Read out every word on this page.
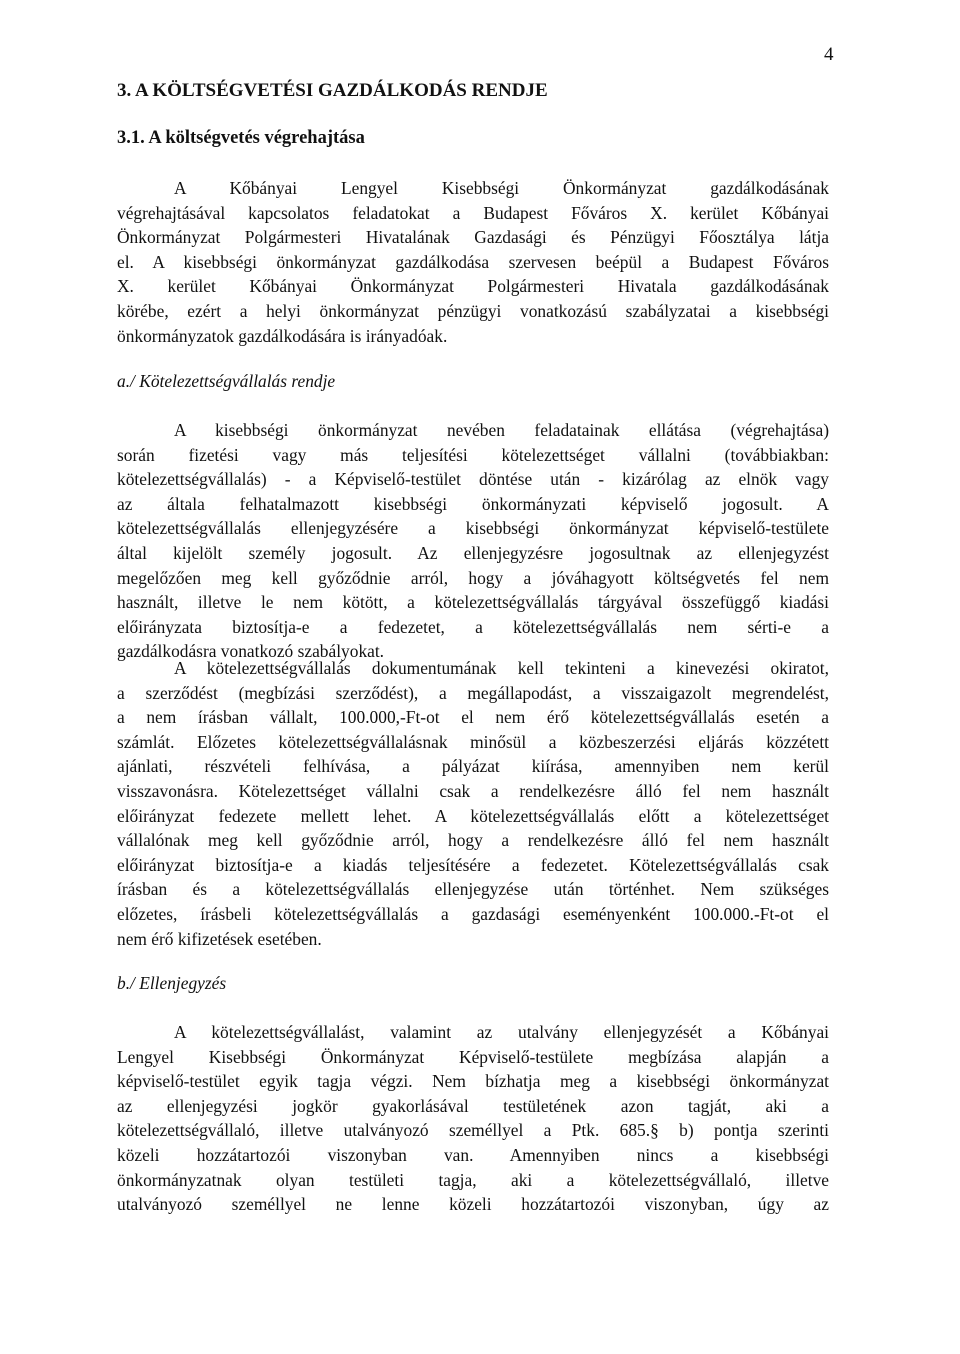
4
3. A KÖLTSÉGVETÉSI GAZDÁLKODÁS RENDJE
3.1. A költségvetés végrehajtása

A Kőbányai Lengyel Kisebbségi Önkormányzat gazdálkodásának
végrehajtásával kapcsolatos feladatokat a Budapest Főváros X. kerület Kőbányai
Önkormányzat Polgármesteri Hivatalának Gazdasági és Pénzügyi Főosztálya látja
el. A kisebbségi önkormányzat gazdálkodása szervesen beépül a Budapest Főváros
X. kerület Kőbányai Önkormányzat Polgármesteri Hivatala gazdálkodásának
körébe, ezért a helyi önkormányzat pénzügyi vonatkozású szabályzatai a kisebbségi
önkormányzatok gazdálkodására is irányadóak.

a./ Kötelezettségvállalás rendje

A kisebbségi önkormányzat nevében feladatainak ellátása (végrehajtása)
során fizetési vagy más teljesítési kötelezettséget vállalni (továbbiakban:
kötelezettségvállalás) - a Képviselő-testület döntése után - kizárólag az elnök vagy
az általa felhatalmazott kisebbségi önkormányzati képviselő jogosult. A
kötelezettségvállalás ellenjegyzésére a kisebbségi önkormányzat képviselő-testülete
által kijelölt személy jogosult. Az ellenjegyzésre jogosultnak az ellenjegyzést
megelőzően meg kell győződnie arról, hogy a jóváhagyott költségvetés fel nem
használt, illetve le nem kötött, a kötelezettségvállalás tárgyával összefüggő kiadási
előirányzata biztosítja-e a fedezetet, a kötelezettségvállalás nem sérti-e a
gazdálkodásra vonatkozó szabályokat.

A kötelezettségvállalás dokumentumának kell tekinteni a kinevezési okiratot,
a szerződést (megbízási szerződést), a megállapodást, a visszaigazolt megrendelést,
a nem írásban vállalt, 100.000,-Ft-ot el nem érő kötelezettségvállalás esetén a
számlát. Előzetes kötelezettségvállalásnak minősül a közbeszerzési eljárás közzétett
ajánlati, részvételi felhívása, a pályázat kiírása, amennyiben nem kerül
visszavonásra. Kötelezettséget vállalni csak a rendelkezésre álló fel nem használt
előirányzat fedezete mellett lehet. A kötelezettségvállalás előtt a kötelezettséget
vállalónak meg kell győződnie arról, hogy a rendelkezésre álló fel nem használt
előirányzat biztosítja-e a kiadás teljesítésére a fedezetet. Kötelezettségvállalás csak
írásban és a kötelezettségvállalás ellenjegyzése után történhet. Nem szükséges
előzetes, írásbeli kötelezettségvállalás a gazdasági eseményenként 100.000.-Ft-ot el
nem érő kifizetések esetében.

b./ Ellenjegyzés

A kötelezettségvállalást, valamint az utalvány ellenjegyzését a Kőbányai
Lengyel Kisebbségi Önkormányzat Képviselő-testülete megbízása alapján a
képviselő-testület egyik tagja végzi. Nem bízhatja meg a kisebbségi önkormányzat
az ellenjegyzési jogkör gyakorlásával testületének azon tagját, aki a
kötelezettségvállaló, illetve utalványozó személlyel a Ptk. 685.§ b) pontja szerinti
közeli hozzátartozói viszonyban van. Amennyiben nincs a kisebbségi
önkormányzatnak olyan testületi tagja, aki a kötelezettségvállaló, illetve
utalványozó személlyel ne lenne közeli hozzátartozói viszonyban, úgy az
